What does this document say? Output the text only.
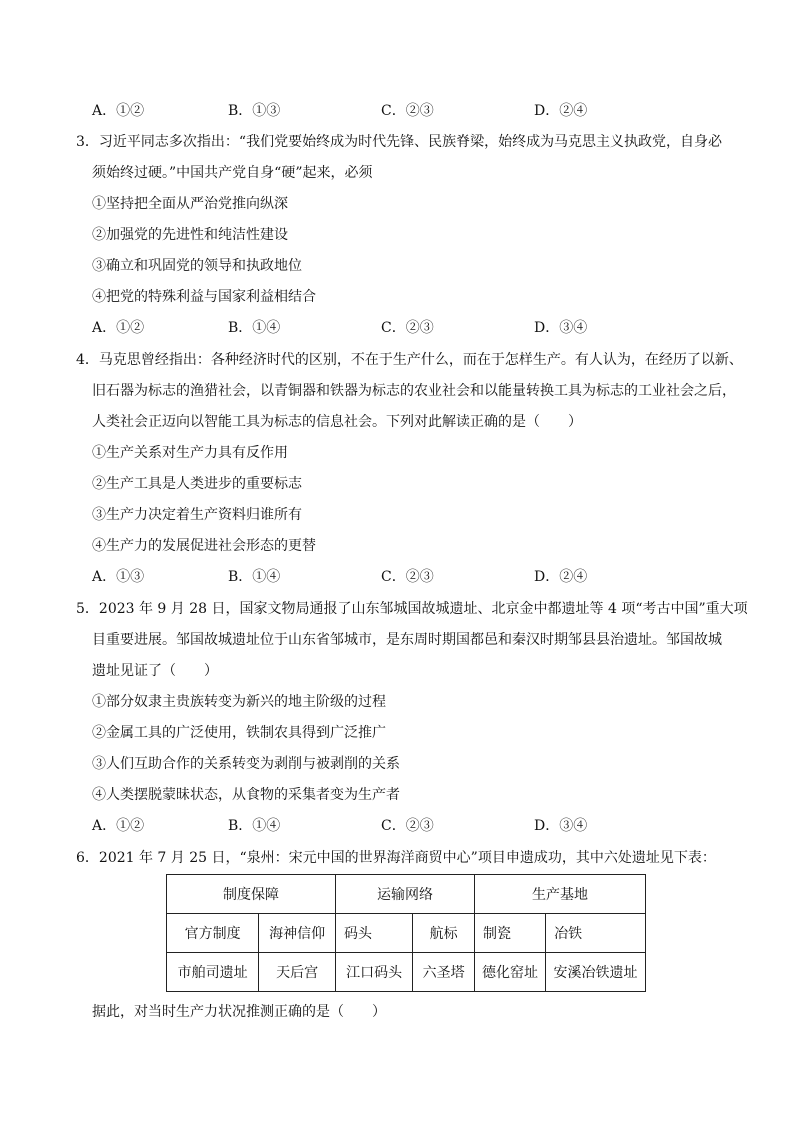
A．①②	B．①③	C．②③	D．②④
3．习近平同志多次指出：“我们党要始终成为时代先锋、民族脊梁，始终成为马克思主义执政党，自身必
须始终过硬。”中国共产党自身“硬”起来，必须
①坚持把全面从严治党推向纵深
②加强党的先进性和纯洁性建设
③确立和巩固党的领导和执政地位
④把党的特殊利益与国家利益相结合
A．①②	B．①④	C．②③	D．③④
4．马克思曾经指出：各种经济时代的区别，不在于生产什么，而在于怎样生产。有人认为，在经历了以新、
旧石器为标志的渔猎社会，以青铜器和铁器为标志的农业社会和以能量转换工具为标志的工业社会之后，
人类社会正迈向以智能工具为标志的信息社会。下列对此解读正确的是（　　）
①生产关系对生产力具有反作用
②生产工具是人类进步的重要标志
③生产力决定着生产资料归谁所有
④生产力的发展促进社会形态的更替
A．①③	B．①④	C．②③	D．②④
5．2023 年 9 月 28 日，国家文物局通报了山东邹城国故城遗址、北京金中都遗址等 4 项“考古中国”重大项
目重要进展。邹国故城遗址位于山东省邹城市，是东周时期国都邑和秦汉时期邹县县治遗址。邹国故城
遗址见证了（　　）
①部分奴隶主贵族转变为新兴的地主阶级的过程
②金属工具的广泛使用，铁制农具得到广泛推广
③人们互助合作的关系转变为剥削与被剥削的关系
④人类摆脱蒙昧状态，从食物的采集者变为生产者
A．①②	B．①④	C．②③	D．③④
6．2021 年 7 月 25 日，“泉州：宋元中国的世界海洋商贸中心”项目申遗成功，其中六处遗址见下表：
制度保障		运输网络		生产基地	
官方制度	海神信仰	码头	航标	制瓷	冶铁
市舶司遗址	天后宫	江口码头	六圣塔	德化窑址	安溪冶铁遗址
据此，对当时生产力状况推测正确的是（　　）
